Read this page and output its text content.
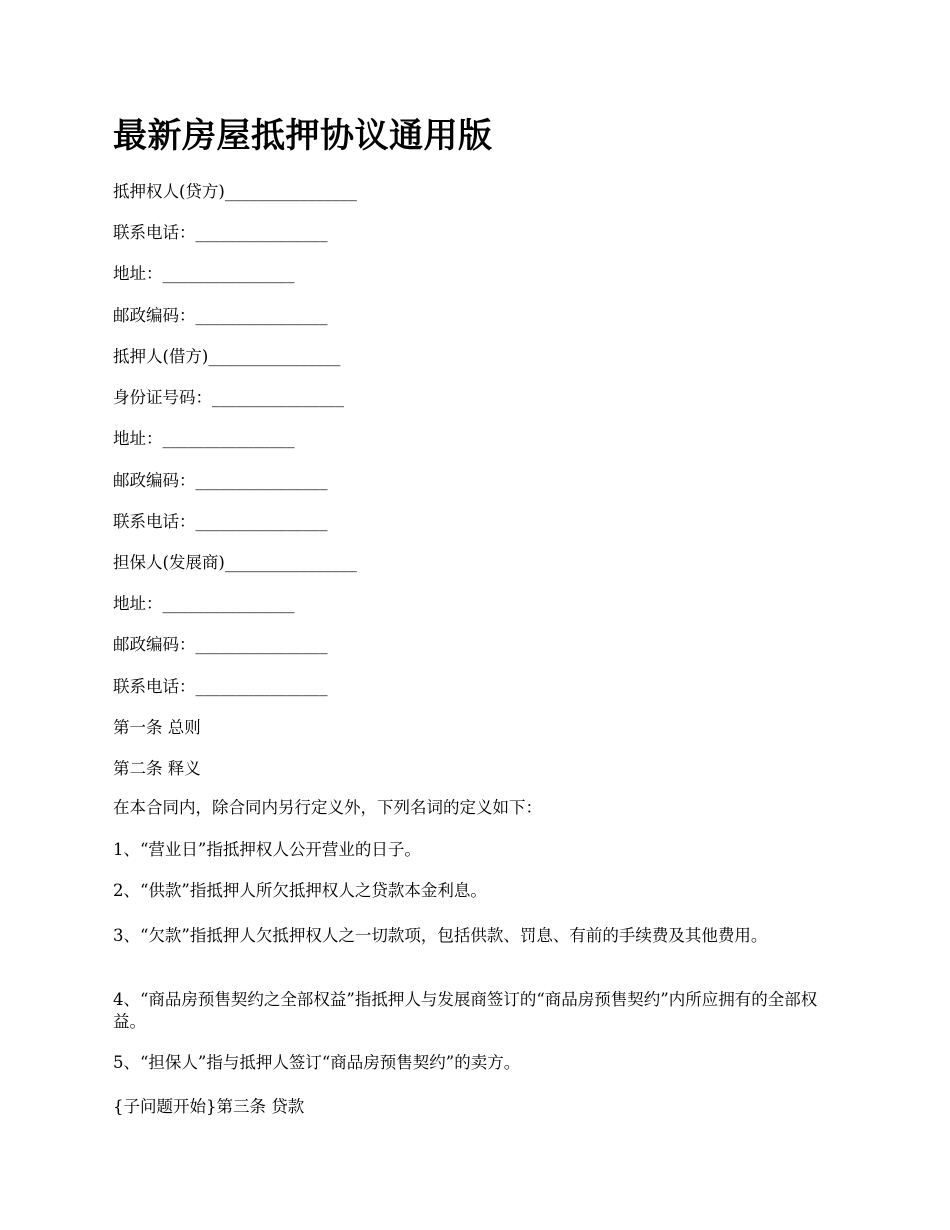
最新房屋抵押协议通用版

抵押权人(贷方)________________

联系电话：________________

地址：________________

邮政编码：________________

抵押人(借方)________________

身份证号码：________________

地址：________________

邮政编码：________________

联系电话：________________

担保人(发展商)________________

地址：________________

邮政编码：________________

联系电话：________________

第一条 总则

第二条 释义

在本合同内，除合同内另行定义外，下列名词的定义如下：

1、“营业日”指抵押权人公开营业的日子。

2、“供款”指抵押人所欠抵押权人之贷款本金利息。

3、“欠款”指抵押人欠抵押权人之一切款项，包括供款、罚息、有前的手续费及其他费用。

4、“商品房预售契约之全部权益”指抵押人与发展商签订的“商品房预售契约”内所应拥有的全部权益。

5、“担保人”指与抵押人签订“商品房预售契约”的卖方。

{子问题开始}第三条 贷款
